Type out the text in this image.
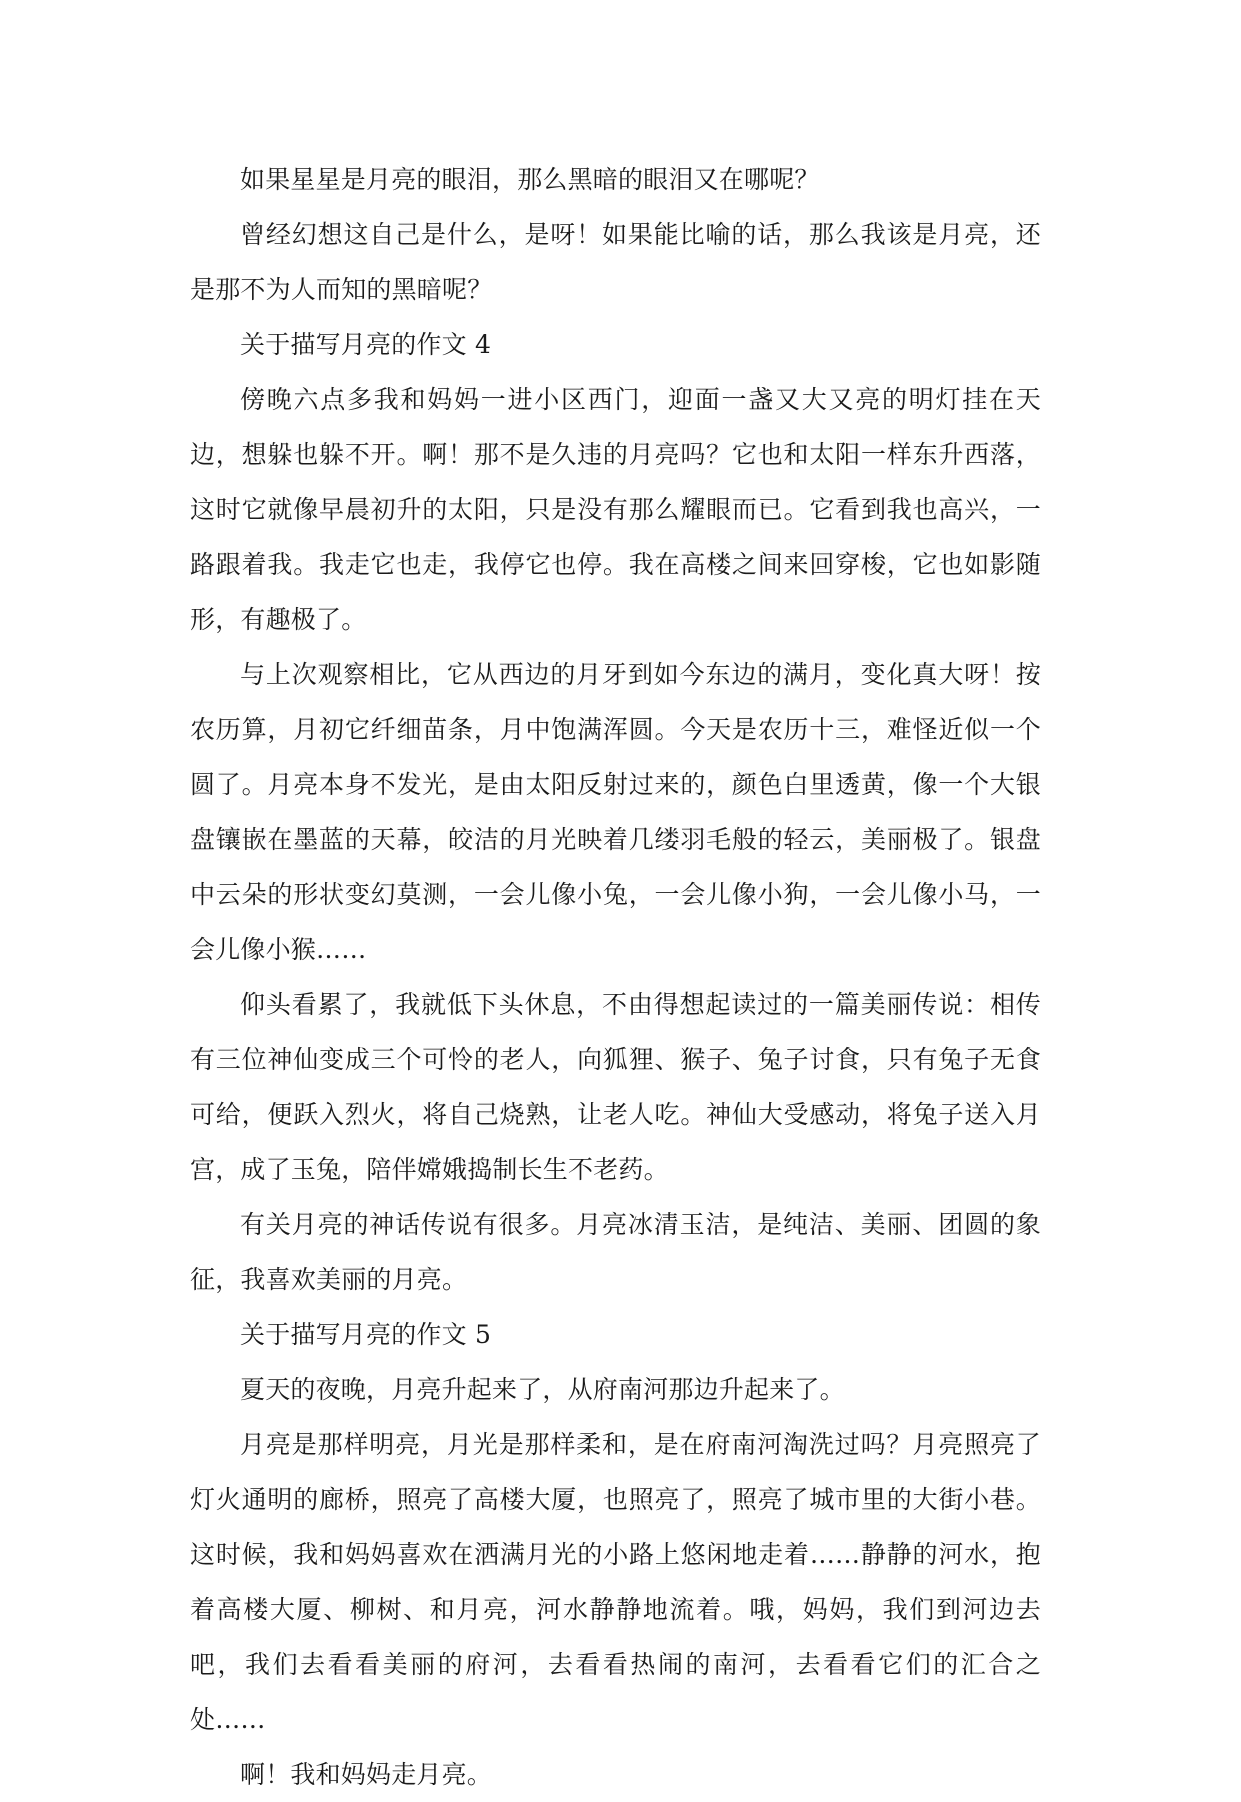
如果星星是月亮的眼泪，那么黑暗的眼泪又在哪呢？

曾经幻想这自己是什么，是呀！如果能比喻的话，那么我该是月亮，还是那不为人而知的黑暗呢？

关于描写月亮的作文 4

傍晚六点多我和妈妈一进小区西门，迎面一盏又大又亮的明灯挂在天边，想躲也躲不开。啊！那不是久违的月亮吗？它也和太阳一样东升西落，这时它就像早晨初升的太阳，只是没有那么耀眼而已。它看到我也高兴，一路跟着我。我走它也走，我停它也停。我在高楼之间来回穿梭，它也如影随形，有趣极了。

与上次观察相比，它从西边的月牙到如今东边的满月，变化真大呀！按农历算，月初它纤细苗条，月中饱满浑圆。今天是农历十三，难怪近似一个圆了。月亮本身不发光，是由太阳反射过来的，颜色白里透黄，像一个大银盘镶嵌在墨蓝的天幕，皎洁的月光映着几缕羽毛般的轻云，美丽极了。银盘中云朵的形状变幻莫测，一会儿像小兔，一会儿像小狗，一会儿像小马，一会儿像小猴……

仰头看累了，我就低下头休息，不由得想起读过的一篇美丽传说：相传有三位神仙变成三个可怜的老人，向狐狸、猴子、兔子讨食，只有兔子无食可给，便跃入烈火，将自己烧熟，让老人吃。神仙大受感动，将兔子送入月宫，成了玉兔，陪伴嫦娥捣制长生不老药。

有关月亮的神话传说有很多。月亮冰清玉洁，是纯洁、美丽、团圆的象征，我喜欢美丽的月亮。

关于描写月亮的作文 5

夏天的夜晚，月亮升起来了，从府南河那边升起来了。

月亮是那样明亮，月光是那样柔和，是在府南河淘洗过吗？月亮照亮了灯火通明的廊桥，照亮了高楼大厦，也照亮了，照亮了城市里的大街小巷。这时候，我和妈妈喜欢在洒满月光的小路上悠闲地走着……静静的河水，抱着高楼大厦、柳树、和月亮，河水静静地流着。哦，妈妈，我们到河边去吧，我们去看看美丽的府河，去看看热闹的南河，去看看它们的汇合之处……

啊！我和妈妈走月亮。
